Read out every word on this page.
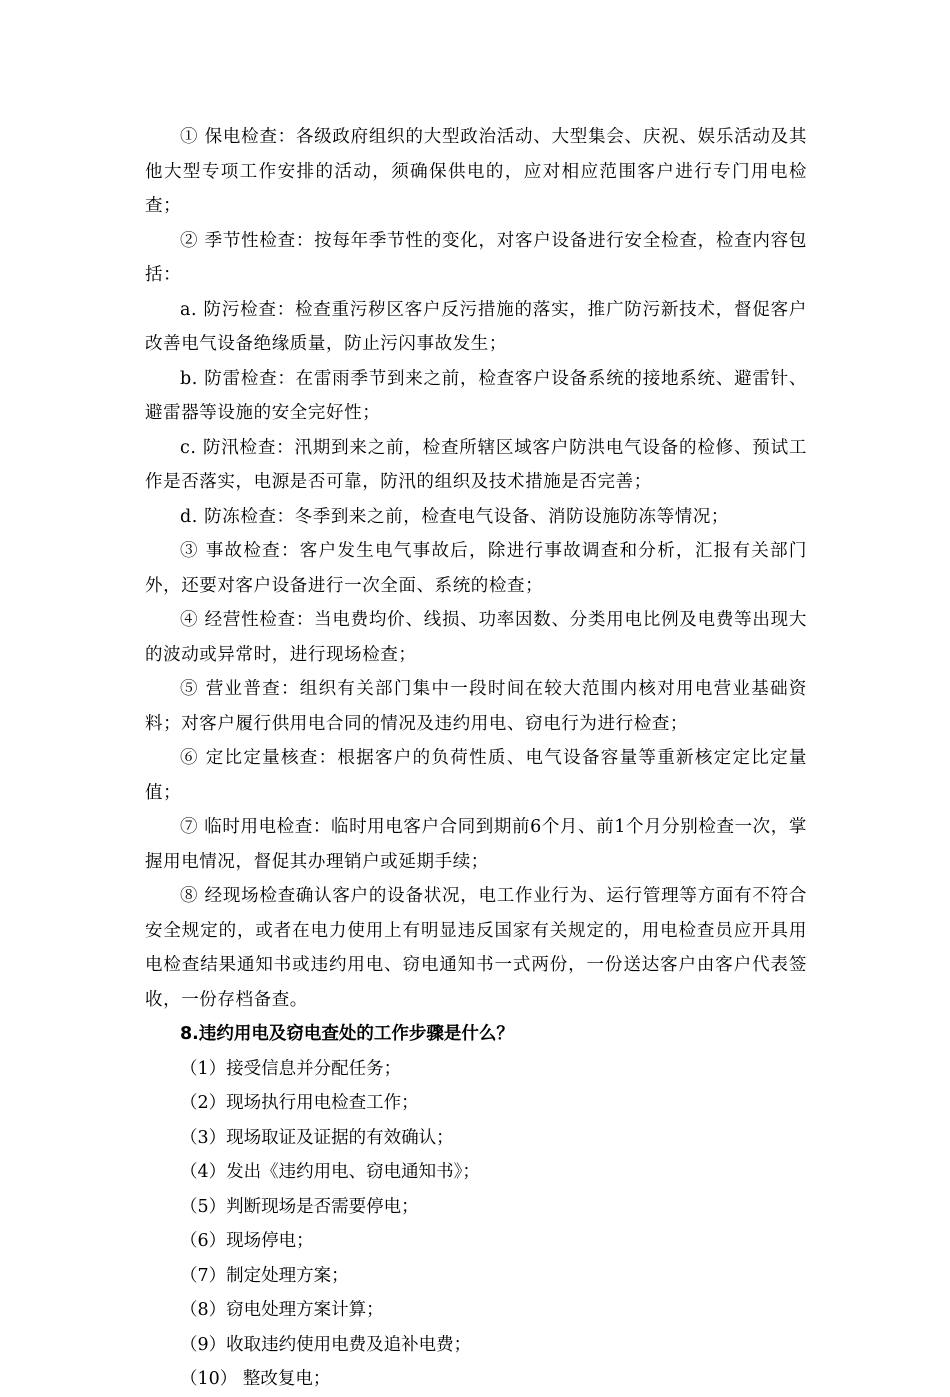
① 保电检查：各级政府组织的大型政治活动、大型集会、庆祝、娱乐活动及其他大型专项工作安排的活动，须确保供电的，应对相应范围客户进行专门用电检查；

② 季节性检查：按每年季节性的变化，对客户设备进行安全检查，检查内容包括：

a. 防污检查：检查重污秽区客户反污措施的落实，推广防污新技术，督促客户改善电气设备绝缘质量，防止污闪事故发生；

b. 防雷检查：在雷雨季节到来之前，检查客户设备系统的接地系统、避雷针、避雷器等设施的安全完好性；

c. 防汛检查：汛期到来之前，检查所辖区域客户防洪电气设备的检修、预试工作是否落实，电源是否可靠，防汛的组织及技术措施是否完善；

d. 防冻检查：冬季到来之前，检查电气设备、消防设施防冻等情况；

③ 事故检查：客户发生电气事故后，除进行事故调查和分析，汇报有关部门外，还要对客户设备进行一次全面、系统的检查；

④ 经营性检查：当电费均价、线损、功率因数、分类用电比例及电费等出现大的波动或异常时，进行现场检查；

⑤ 营业普查：组织有关部门集中一段时间在较大范围内核对用电营业基础资料；对客户履行供用电合同的情况及违约用电、窃电行为进行检查；

⑥ 定比定量核查：根据客户的负荷性质、电气设备容量等重新核定定比定量值；

⑦ 临时用电检查：临时用电客户合同到期前6个月、前1个月分别检查一次，掌握用电情况，督促其办理销户或延期手续；

⑧ 经现场检查确认客户的设备状况，电工作业行为、运行管理等方面有不符合安全规定的，或者在电力使用上有明显违反国家有关规定的，用电检查员应开具用电检查结果通知书或违约用电、窃电通知书一式两份，一份送达客户由客户代表签收，一份存档备查。

8.违约用电及窃电查处的工作步骤是什么？

（1）接受信息并分配任务；

（2）现场执行用电检查工作；

（3）现场取证及证据的有效确认；

（4）发出《违约用电、窃电通知书》；

（5）判断现场是否需要停电；

（6）现场停电；

（7）制定处理方案；

（8）窃电处理方案计算；

（9）收取违约使用电费及追补电费；

（10） 整改复电；
